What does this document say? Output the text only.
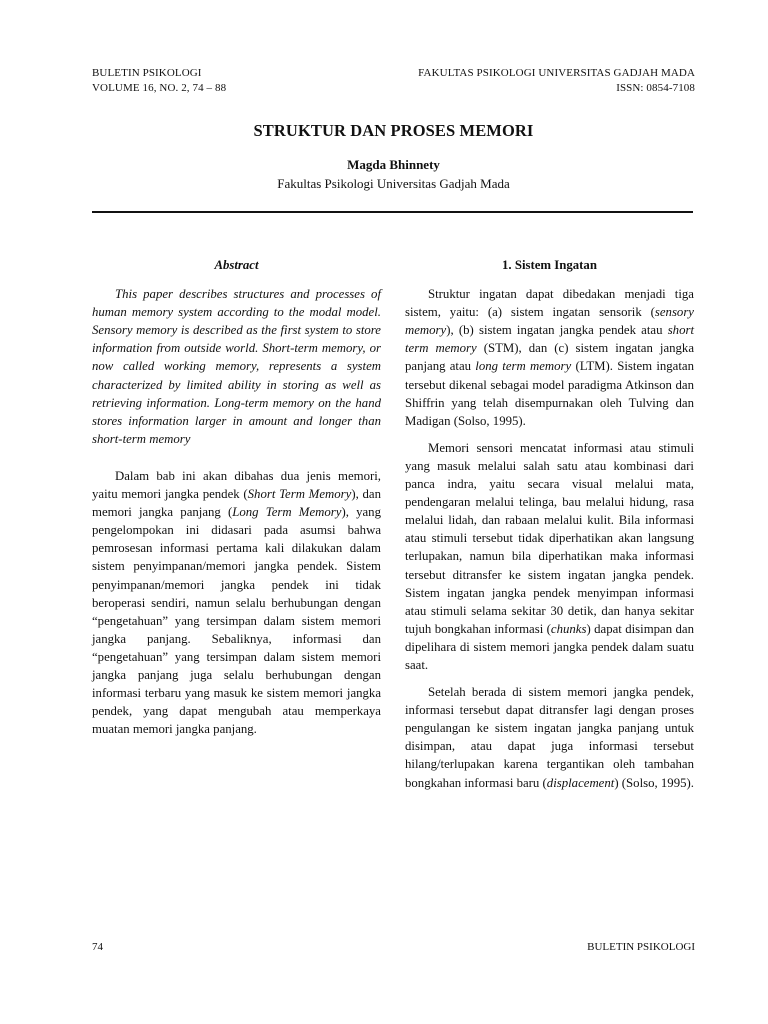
BULETIN PSIKOLOGI
VOLUME 16, NO. 2, 74 – 88
FAKULTAS PSIKOLOGI UNIVERSITAS GADJAH MADA
ISSN: 0854-7108
STRUKTUR DAN PROSES MEMORI
Magda Bhinnety
Fakultas Psikologi Universitas Gadjah Mada
Abstract

This paper describes structures and processes of human memory system according to the modal model. Sensory memory is described as the first system to store information from outside world. Short-term memory, or now called working memory, represents a system characterized by limited ability in storing as well as retrieving information. Long-term memory on the hand stores information larger in amount and longer than short-term memory

Dalam bab ini akan dibahas dua jenis memori, yaitu memori jangka pendek (Short Term Memory), dan memori jangka panjang (Long Term Memory), yang pengelompokan ini didasari pada asumsi bahwa pemrosesan informasi pertama kali dilakukan dalam sistem penyimpanan/memori jangka pendek. Sistem penyimpanan/memori jangka pendek ini tidak beroperasi sendiri, namun selalu berhubungan dengan “pengetahuan” yang tersimpan dalam sistem memori jangka panjang. Sebaliknya, informasi dan “pengetahuan” yang tersimpan dalam sistem memori jangka panjang juga selalu berhubungan dengan informasi terbaru yang masuk ke sistem memori jangka pendek, yang dapat mengubah atau memperkaya muatan memori jangka panjang.

1. Sistem Ingatan

Struktur ingatan dapat dibedakan menjadi tiga sistem, yaitu: (a) sistem ingatan sensorik (sensory memory), (b) sistem ingatan jangka pendek atau short term memory (STM), dan (c) sistem ingatan jangka panjang atau long term memory (LTM). Sistem ingatan tersebut dikenal sebagai model paradigma Atkinson dan Shiffrin yang telah disempurnakan oleh Tulving dan Madigan (Solso, 1995).

Memori sensori mencatat informasi atau stimuli yang masuk melalui salah satu atau kombinasi dari panca indra, yaitu secara visual melalui mata, pendengaran melalui telinga, bau melalui hidung, rasa melalui lidah, dan rabaan melalui kulit. Bila informasi atau stimuli tersebut tidak diperhatikan akan langsung terlupakan, namun bila diperhatikan maka informasi tersebut ditransfer ke sistem ingatan jangka pendek. Sistem ingatan jangka pendek menyimpan informasi atau stimuli selama sekitar 30 detik, dan hanya sekitar tujuh bongkahan informasi (chunks) dapat disimpan dan dipelihara di sistem memori jangka pendek dalam suatu saat.

Setelah berada di sistem memori jangka pendek, informasi tersebut dapat ditransfer lagi dengan proses pengulangan ke sistem ingatan jangka panjang untuk disimpan, atau dapat juga informasi tersebut hilang/terlupakan karena tergantikan oleh tambahan bongkahan informasi baru (displacement) (Solso, 1995).

74	BULETIN PSIKOLOGI
